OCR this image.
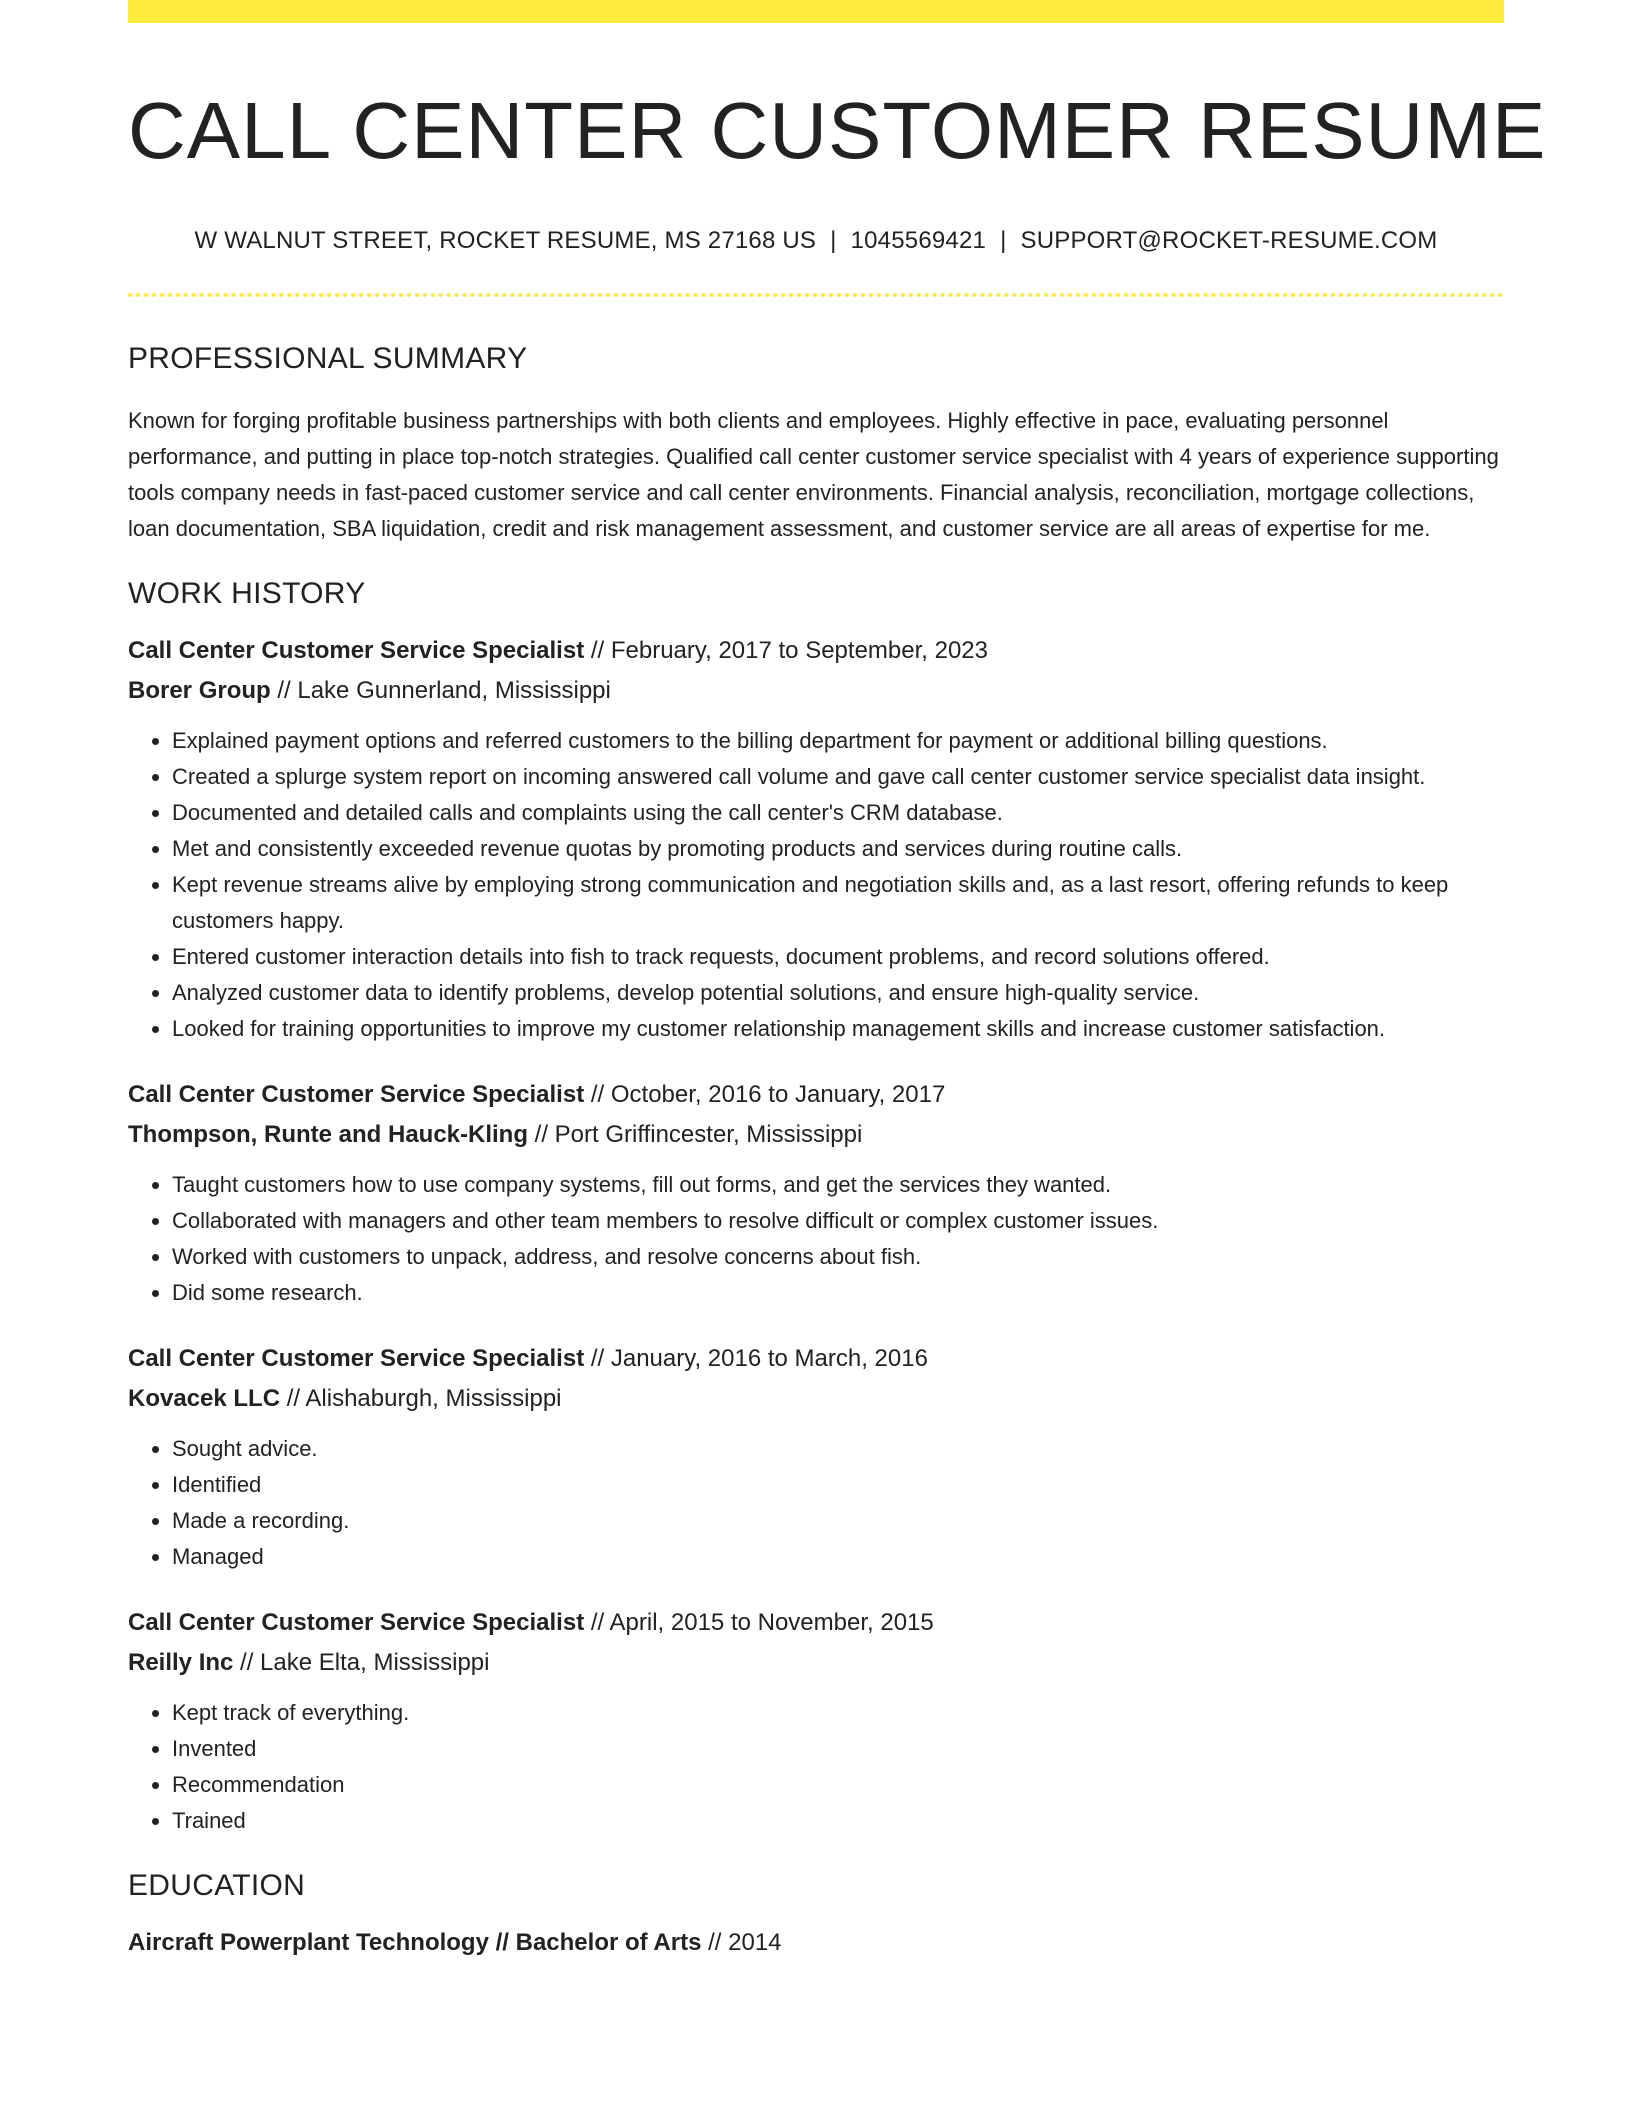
CALL CENTER CUSTOMER RESUME
W WALNUT STREET, ROCKET RESUME, MS 27168 US | 1045569421 | SUPPORT@ROCKET-RESUME.COM
PROFESSIONAL SUMMARY

Known for forging profitable business partnerships with both clients and employees. Highly effective in pace, evaluating personnel performance, and putting in place top-notch strategies. Qualified call center customer service specialist with 4 years of experience supporting tools company needs in fast-paced customer service and call center environments. Financial analysis, reconciliation, mortgage collections, loan documentation, SBA liquidation, credit and risk management assessment, and customer service are all areas of expertise for me.

WORK HISTORY
Call Center Customer Service Specialist // February, 2017 to September, 2023
Borer Group // Lake Gunnerland, Mississippi
• Explained payment options and referred customers to the billing department for payment or additional billing questions.
• Created a splurge system report on incoming answered call volume and gave call center customer service specialist data insight.
• Documented and detailed calls and complaints using the call center's CRM database.
• Met and consistently exceeded revenue quotas by promoting products and services during routine calls.
• Kept revenue streams alive by employing strong communication and negotiation skills and, as a last resort, offering refunds to keep customers happy.
• Entered customer interaction details into fish to track requests, document problems, and record solutions offered.
• Analyzed customer data to identify problems, develop potential solutions, and ensure high-quality service.
• Looked for training opportunities to improve my customer relationship management skills and increase customer satisfaction.
Call Center Customer Service Specialist // October, 2016 to January, 2017
Thompson, Runte and Hauck-Kling // Port Griffincester, Mississippi
• Taught customers how to use company systems, fill out forms, and get the services they wanted.
• Collaborated with managers and other team members to resolve difficult or complex customer issues.
• Worked with customers to unpack, address, and resolve concerns about fish.
• Did some research.
Call Center Customer Service Specialist // January, 2016 to March, 2016
Kovacek LLC // Alishaburgh, Mississippi
• Sought advice.
• Identified
• Made a recording.
• Managed
Call Center Customer Service Specialist // April, 2015 to November, 2015
Reilly Inc // Lake Elta, Mississippi
• Kept track of everything.
• Invented
• Recommendation
• Trained
EDUCATION
Aircraft Powerplant Technology // Bachelor of Arts // 2014
